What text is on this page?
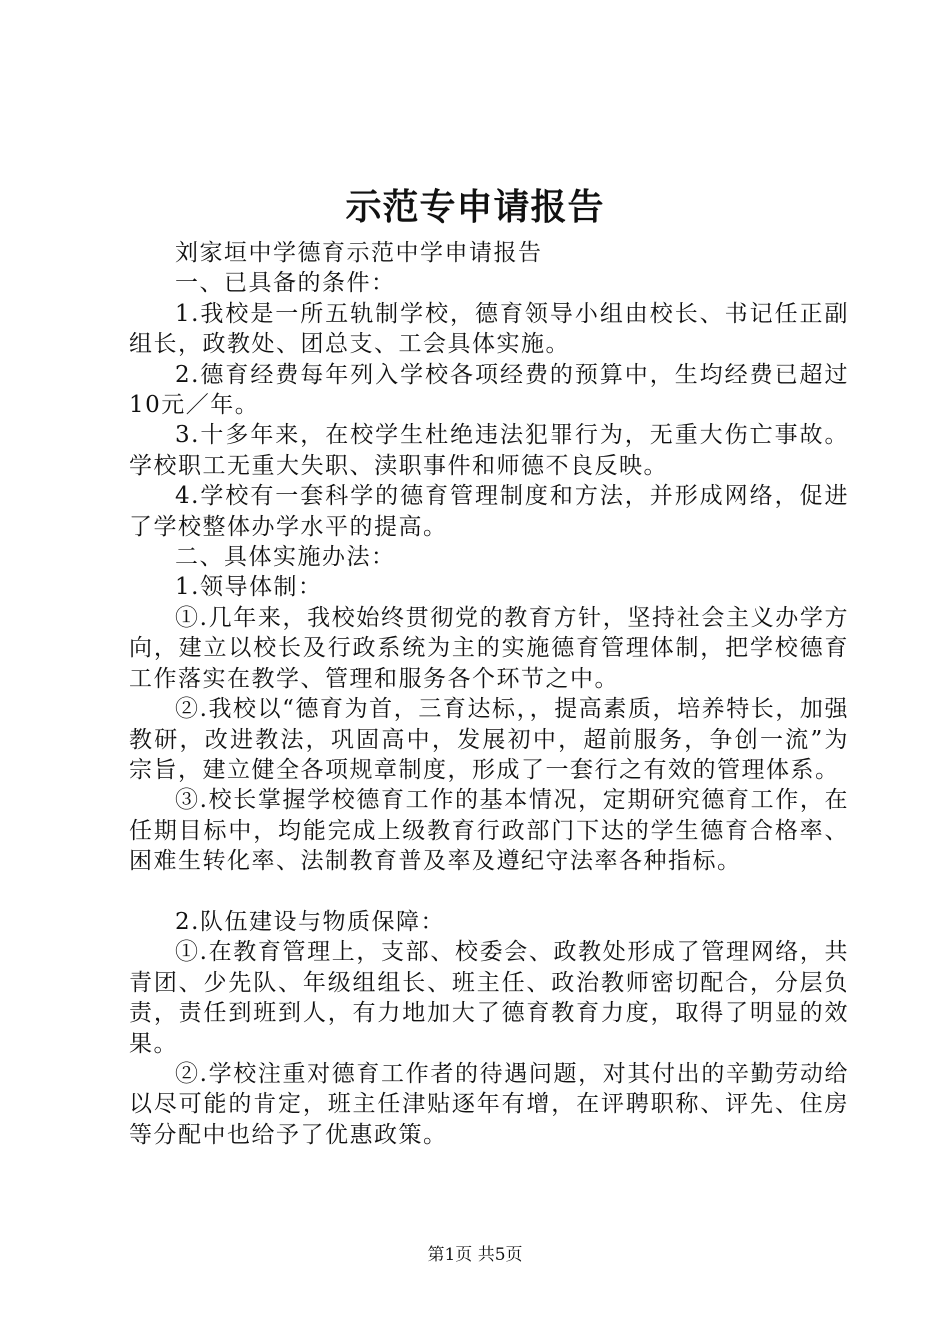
示范专申请报告

刘家垣中学德育示范中学申请报告

一、已具备的条件：

1.我校是一所五轨制学校，德育领导小组由校长、书记任正副组长，政教处、团总支、工会具体实施。

2.德育经费每年列入学校各项经费的预算中，生均经费已超过10元／年。

3.十多年来，在校学生杜绝违法犯罪行为，无重大伤亡事故。学校职工无重大失职、渎职事件和师德不良反映。

4.学校有一套科学的德育管理制度和方法，并形成网络，促进了学校整体办学水平的提高。

二、具体实施办法：

1.领导体制：

①.几年来，我校始终贯彻党的教育方针，坚持社会主义办学方向，建立以校长及行政系统为主的实施德育管理体制，把学校德育工作落实在教学、管理和服务各个环节之中。

②.我校以“德育为首，三育达标，，提高素质，培养特长，加强教研，改进教法，巩固高中，发展初中，超前服务，争创一流”为宗旨，建立健全各项规章制度，形成了一套行之有效的管理体系。

③.校长掌握学校德育工作的基本情况，定期研究德育工作，在任期目标中，均能完成上级教育行政部门下达的学生德育合格率、困难生转化率、法制教育普及率及遵纪守法率各种指标。

2.队伍建设与物质保障：

①.在教育管理上，支部、校委会、政教处形成了管理网络，共青团、少先队、年级组组长、班主任、政治教师密切配合，分层负责，责任到班到人，有力地加大了德育教育力度，取得了明显的效果。

②.学校注重对德育工作者的待遇问题，对其付出的辛勤劳动给以尽可能的肯定，班主任津贴逐年有增，在评聘职称、评先、住房等分配中也给予了优惠政策。

第1页 共5页
